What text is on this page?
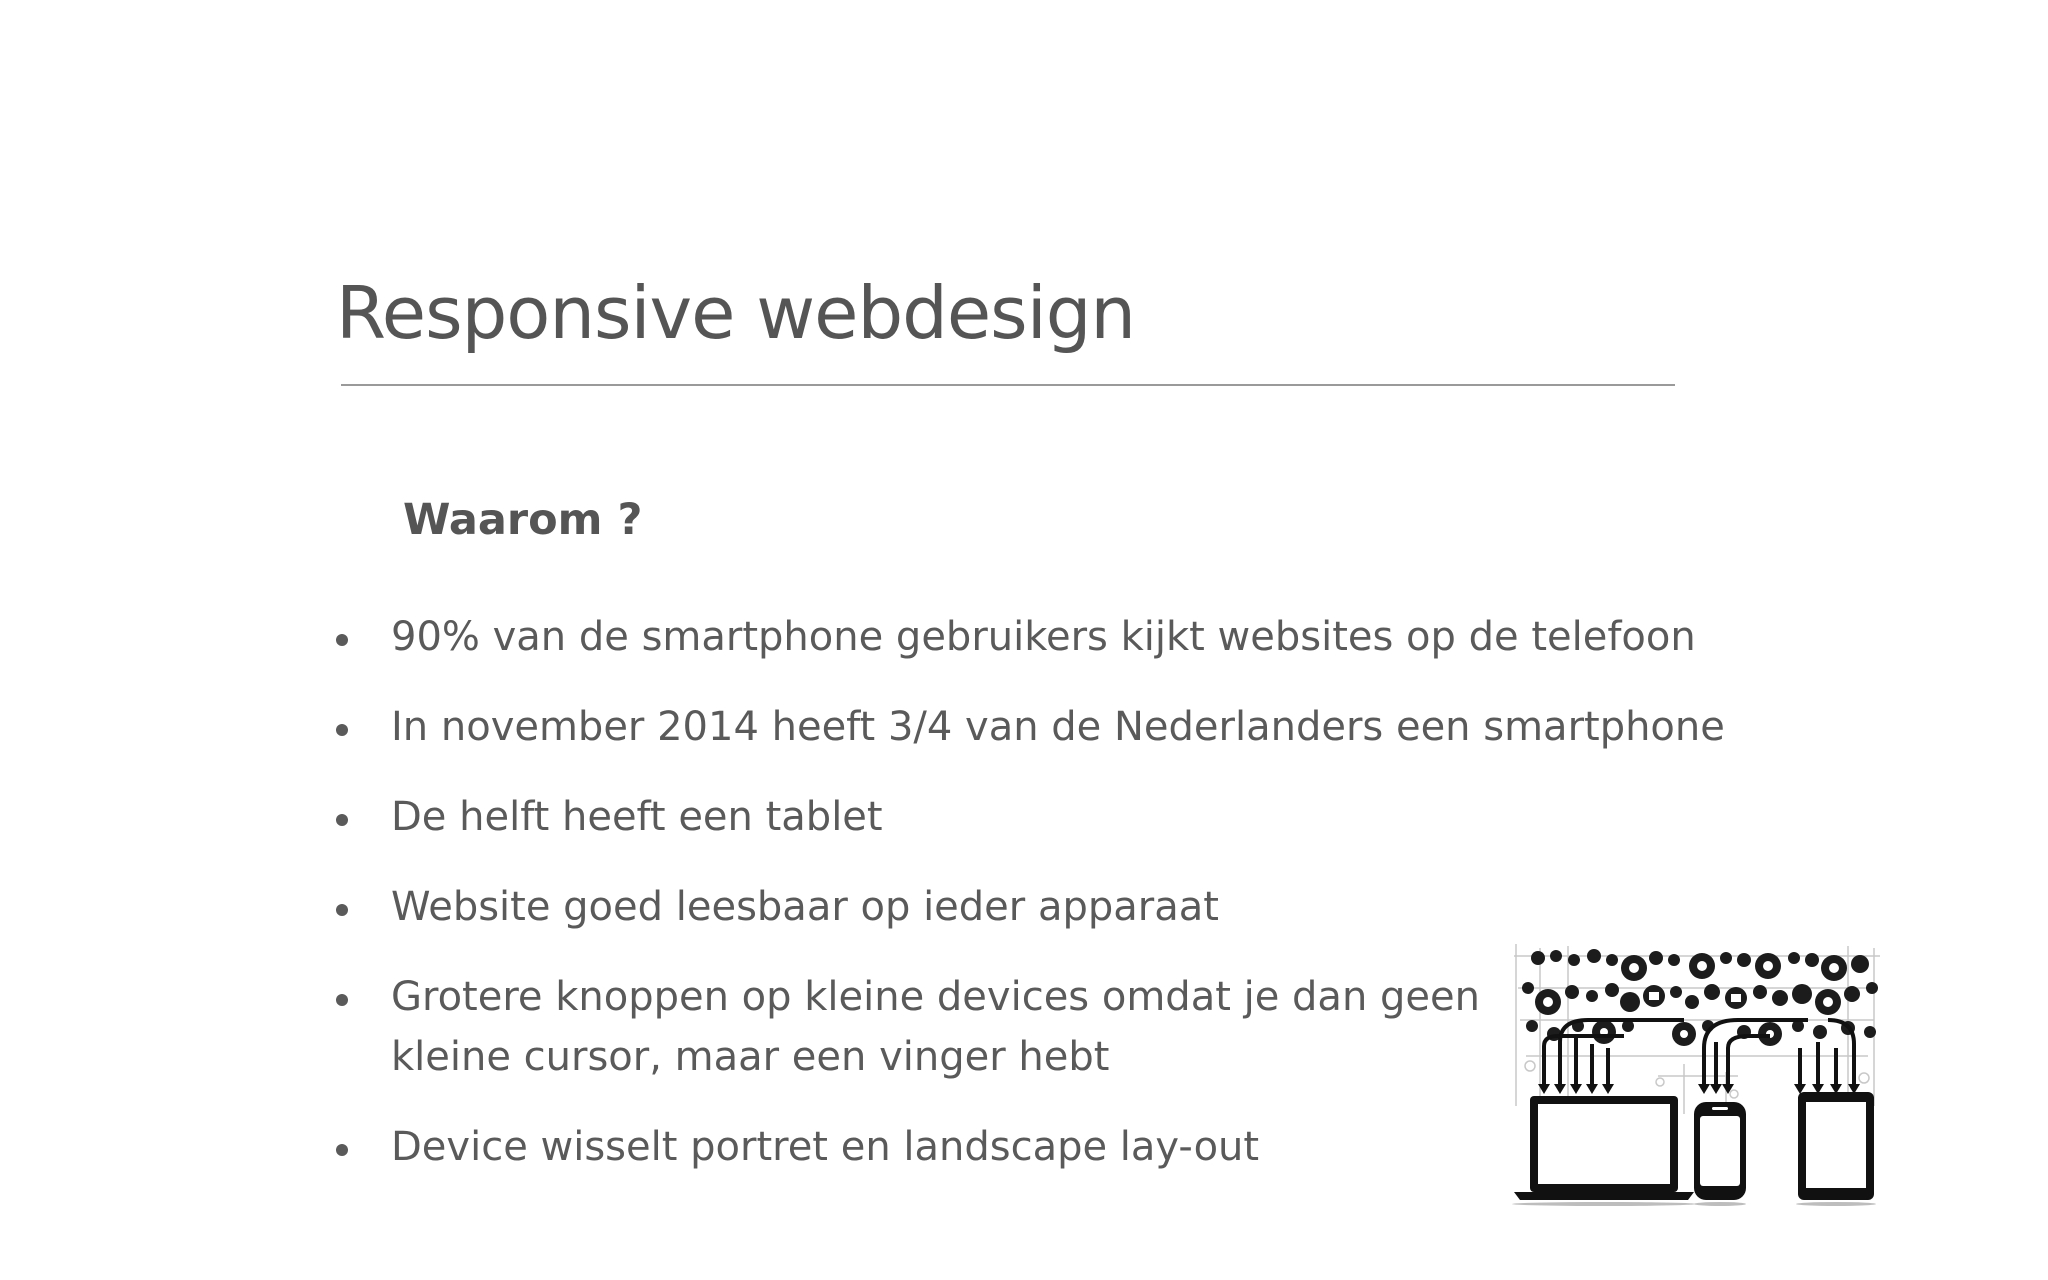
Responsive webdesign
Waarom ?
90% van de smartphone gebruikers kijkt websites op de telefoon
In november 2014 heeft 3/4 van de Nederlanders een smartphone
De helft heeft een tablet
Website goed leesbaar op ieder apparaat
Grotere knoppen op kleine devices omdat je dan geen
kleine cursor, maar een vinger hebt
Device wisselt portret en landscape lay-out
